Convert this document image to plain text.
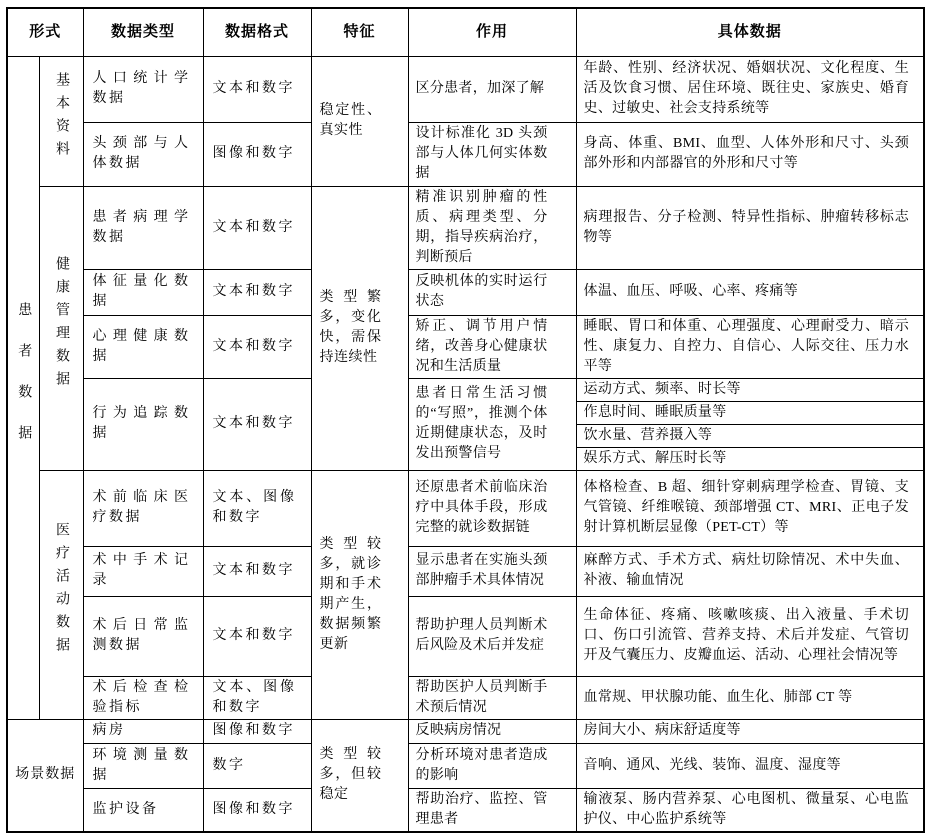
形式		数据类型	数据格式	特征	作用	具体数据
患者数据	基本资料	人口统计学数据	文本和数字	稳定性、真实性	区分患者，加深了解	年龄、性别、经济状况、婚姻状况、文化程度、生活及饮食习惯、居住环境、既往史、家族史、婚育史、过敏史、社会支持系统等
		头颈部与人体数据	图像和数字		设计标准化 3D 头颈部与人体几何实体数据	身高、体重、BMI、血型、人体外形和尺寸、头颈部外形和内部器官的外形和尺寸等
	健康管理数据	患者病理学数据	文本和数字	类型繁多，变化快，需保持连续性	精准识别肿瘤的性质、病理类型、分期，指导疾病治疗，判断预后	病理报告、分子检测、特异性指标、肿瘤转移标志物等
		体征量化数据	文本和数字		反映机体的实时运行状态	体温、血压、呼吸、心率、疼痛等
		心理健康数据	文本和数字		矫正、调节用户情绪，改善身心健康状况和生活质量	睡眠、胃口和体重、心理强度、心理耐受力、暗示性、康复力、自控力、自信心、人际交往、压力水平等
		行为追踪数据	文本和数字		患者日常生活习惯的“写照”，推测个体近期健康状态，及时发出预警信号	运动方式、频率、时长等
						作息时间、睡眠质量等
						饮水量、营养摄入等
						娱乐方式、解压时长等
	医疗活动数据	术前临床医疗数据	文本、图像和数字	类型较多，就诊期和手术期产生，数据频繁更新	还原患者术前临床治疗中具体手段，形成完整的就诊数据链	体格检查、B 超、细针穿刺病理学检查、胃镜、支气管镜、纤维喉镜、颈部增强 CT、MRI、正电子发射计算机断层显像（PET-CT）等
		术中手术记录	文本和数字		显示患者在实施头颈部肿瘤手术具体情况	麻醉方式、手术方式、病灶切除情况、术中失血、补液、输血情况
		术后日常监测数据	文本和数字		帮助护理人员判断术后风险及术后并发症	生命体征、疼痛、咳嗽咳痰、出入液量、手术切口、伤口引流管、营养支持、术后并发症、气管切开及气囊压力、皮瓣血运、活动、心理社会情况等
		术后检查检验指标	文本、图像和数字		帮助医护人员判断手术预后情况	血常规、甲状腺功能、血生化、肺部 CT 等
场景数据		病房	图像和数字	类型较多，但较稳定	反映病房情况	房间大小、病床舒适度等
		环境测量数据	数字		分析环境对患者造成的影响	音响、通风、光线、装饰、温度、湿度等
		监护设备	图像和数字		帮助治疗、监控、管理患者	输液泵、肠内营养泵、心电图机、微量泵、心电监护仪、中心监护系统等
